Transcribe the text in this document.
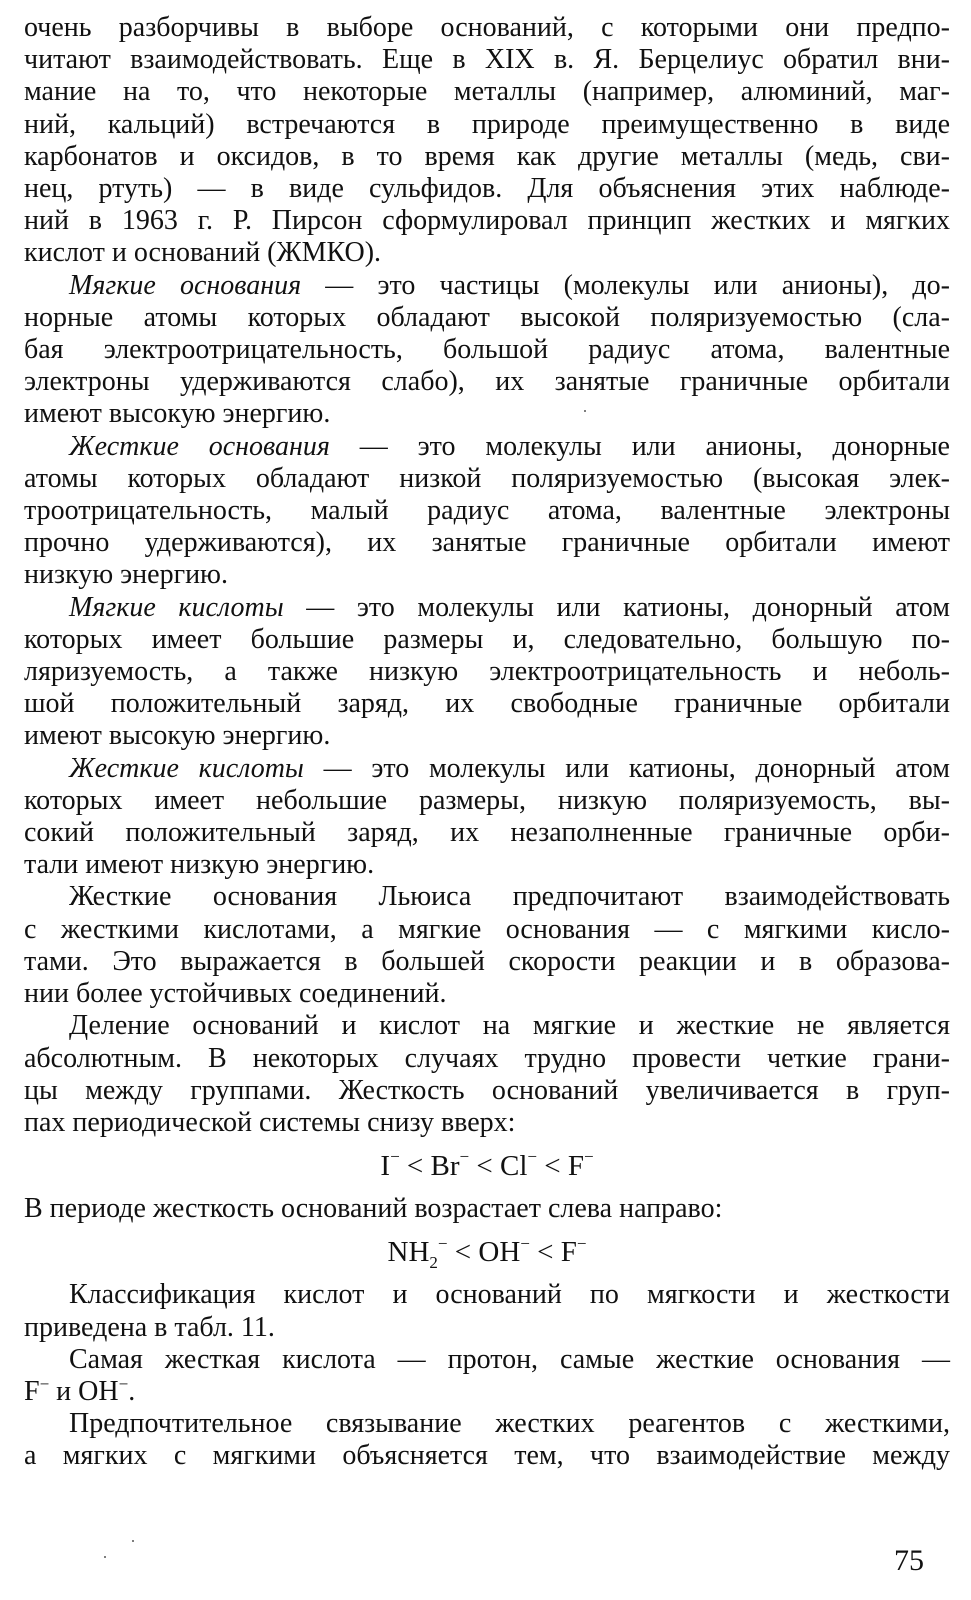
очень разборчивы в выборе оснований, с которыми они предпо-
читают взаимодействовать. Еще в XIX в. Я. Берцелиус обратил вни-
мание на то, что некоторые металлы (например, алюминий, маг-
ний, кальций) встречаются в природе преимущественно в виде
карбонатов и оксидов, в то время как другие металлы (медь, сви-
нец, ртуть) — в виде сульфидов. Для объяснения этих наблюде-
ний в 1963 г. Р. Пирсон сформулировал принцип жестких и мягких
кислот и оснований (ЖМКО).
Мягкие основания — это частицы (молекулы или анионы), до-
норные атомы которых обладают высокой поляризуемостью (сла-
бая электроотрицательность, большой радиус атома, валентные
электроны удерживаются слабо), их занятые граничные орбитали
имеют высокую энергию.
Жесткие основания — это молекулы или анионы, донорные
атомы которых обладают низкой поляризуемостью (высокая элек-
троотрицательность, малый радиус атома, валентные электроны
прочно удерживаются), их занятые граничные орбитали имеют
низкую энергию.
Мягкие кислоты — это молекулы или катионы, донорный атом
которых имеет большие размеры и, следовательно, большую по-
ляризуемость, а также низкую электроотрицательность и неболь-
шой положительный заряд, их свободные граничные орбитали
имеют высокую энергию.
Жесткие кислоты — это молекулы или катионы, донорный атом
которых имеет небольшие размеры, низкую поляризуемость, вы-
сокий положительный заряд, их незаполненные граничные орби-
тали имеют низкую энергию.
Жесткие основания Льюиса предпочитают взаимодействовать
с жесткими кислотами, а мягкие основания — с мягкими кисло-
тами. Это выражается в большей скорости реакции и в образова-
нии более устойчивых соединений.
Деление оснований и кислот на мягкие и жесткие не является
абсолютным. В некоторых случаях трудно провести четкие грани-
цы между группами. Жесткость оснований увеличивается в груп-
пах периодической системы снизу вверх:
I− < Br− < Cl− < F−
В периоде жесткость оснований возрастает слева направо:
$NH_2^- < OH^- < F^-$
Классификация кислот и оснований по мягкости и жесткости
приведена в табл. 11.
Самая жесткая кислота — протон, самые жесткие основания —
F− и OH−.
Предпочтительное связывание жестких реагентов с жесткими,
а мягких с мягкими объясняется тем, что взаимодействие между
75
